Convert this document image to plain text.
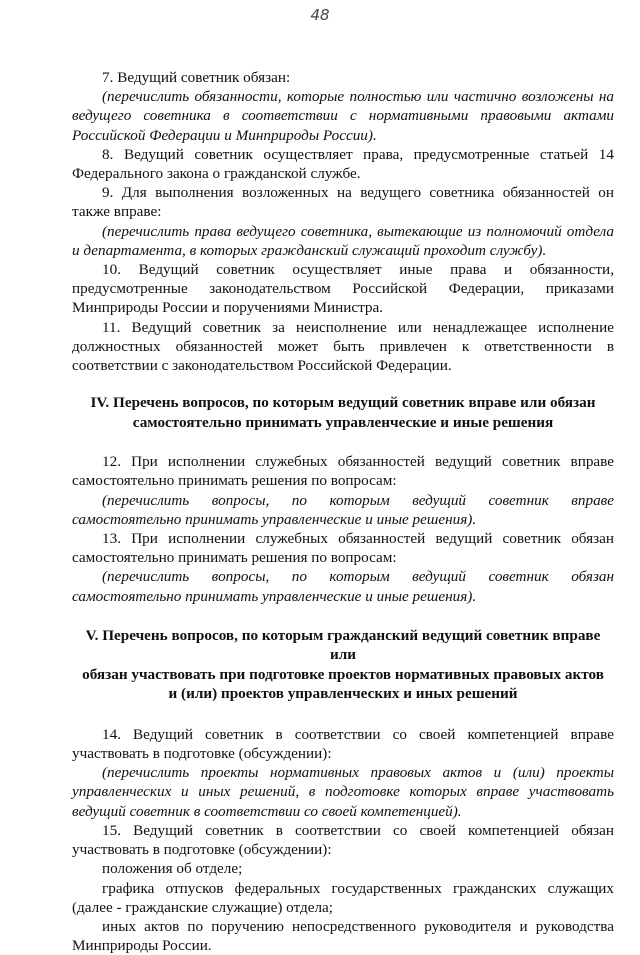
48

7. Ведущий советник обязан:

(перечислить обязанности, которые полностью или частично возложены на ведущего советника в соответствии с нормативными правовыми актами Российской Федерации и Минприроды России).

8. Ведущий советник осуществляет права, предусмотренные статьей 14 Федерального закона о гражданской службе.

9. Для выполнения возложенных на ведущего советника обязанностей он также вправе:

(перечислить права ведущего советника, вытекающие из полномочий отдела и департамента, в которых гражданский служащий проходит службу).

10. Ведущий советник осуществляет иные права и обязанности, предусмотренные законодательством Российской Федерации, приказами Минприроды России и поручениями Министра.

11. Ведущий советник за неисполнение или ненадлежащее исполнение должностных обязанностей может быть привлечен к ответственности в соответствии с законодательством Российской Федерации.

IV. Перечень вопросов, по которым ведущий советник вправе или обязан
самостоятельно принимать управленческие и иные решения

12. При исполнении служебных обязанностей ведущий советник вправе самостоятельно принимать решения по вопросам:

(перечислить вопросы, по которым ведущий советник вправе самостоятельно принимать управленческие и иные решения).

13. При исполнении служебных обязанностей ведущий советник обязан самостоятельно принимать решения по вопросам:

(перечислить вопросы, по которым ведущий советник обязан самостоятельно принимать управленческие и иные решения).

V. Перечень вопросов, по которым гражданский ведущий советник вправе или
обязан участвовать при подготовке проектов нормативных правовых актов
и (или) проектов управленческих и иных решений

14. Ведущий советник в соответствии со своей компетенцией вправе участвовать в подготовке (обсуждении):

(перечислить проекты нормативных правовых актов и (или) проекты управленческих и иных решений, в подготовке которых вправе участвовать ведущий советник в соответствии со своей компетенцией).

15. Ведущий советник в соответствии со своей компетенцией обязан участвовать в подготовке (обсуждении):

положения об отделе;

графика отпусков федеральных государственных гражданских служащих (далее - гражданские служащие) отдела;

иных актов по поручению непосредственного руководителя и руководства Минприроды России.
